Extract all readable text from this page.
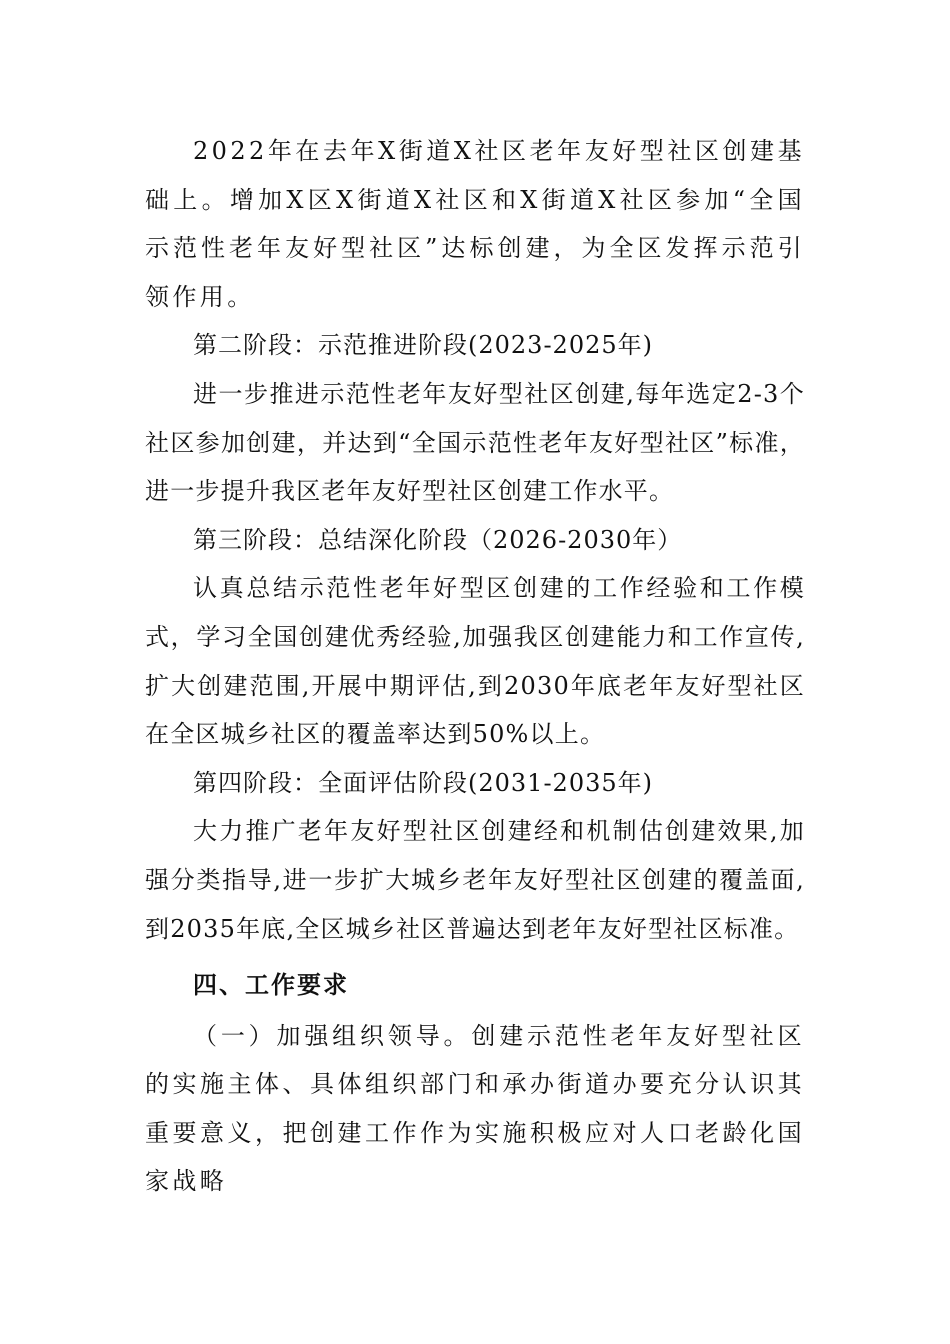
2022年在去年X街道X社区老年友好型社区创建基础上。增加X区X街道X社区和X街道X社区参加“全国示范性老年友好型社区”达标创建，为全区发挥示范引领作用。

第二阶段：示范推进阶段(2023-2025年)

进一步推进示范性老年友好型社区创建,每年选定2-3个社区参加创建，并达到“全国示范性老年友好型社区”标准，进一步提升我区老年友好型社区创建工作水平。

第三阶段：总结深化阶段（2026-2030年）

认真总结示范性老年好型区创建的工作经验和工作模式，学习全国创建优秀经验,加强我区创建能力和工作宣传,扩大创建范围,开展中期评估,到2030年底老年友好型社区在全区城乡社区的覆盖率达到50%以上。

第四阶段：全面评估阶段(2031-2035年)

大力推广老年友好型社区创建经和机制估创建效果,加强分类指导,进一步扩大城乡老年友好型社区创建的覆盖面,到2035年底,全区城乡社区普遍达到老年友好型社区标准。

四、工作要求

（一）加强组织领导。创建示范性老年友好型社区的实施主体、具体组织部门和承办街道办要充分认识其重要意义，把创建工作作为实施积极应对人口老龄化国家战略
